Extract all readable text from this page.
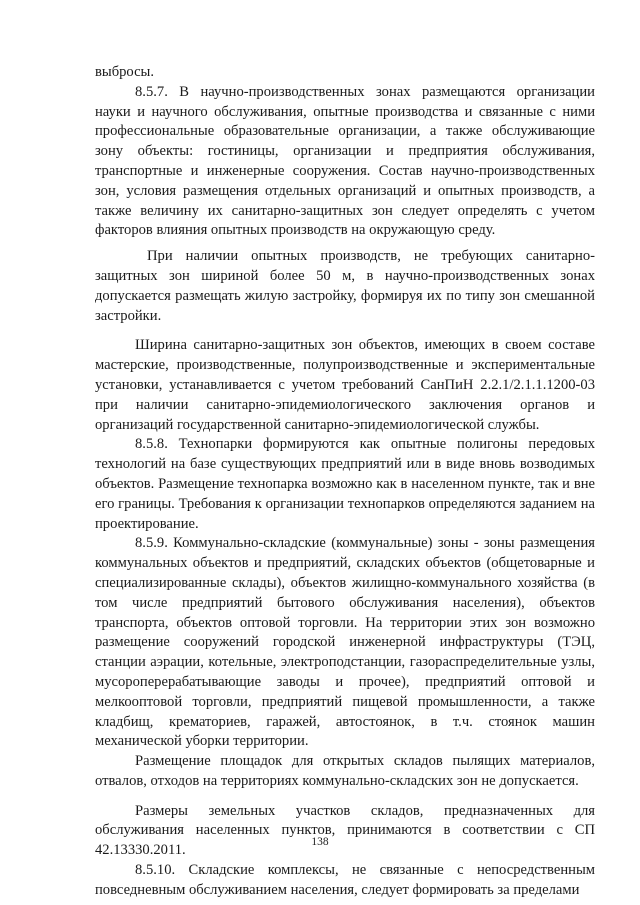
выбросы.

8.5.7. В научно-производственных зонах размещаются организации науки и научного обслуживания, опытные производства и связанные с ними профессиональные образовательные организации, а также обслуживающие зону объекты: гостиницы, организации и предприятия обслуживания, транспортные и инженерные сооружения. Состав научно-производственных зон, условия размещения отдельных организаций и опытных производств, а также величину их санитарно-защитных зон следует определять с учетом факторов влияния опытных производств на окружающую среду.

При наличии опытных производств, не требующих санитарно-защитных зон шириной более 50 м, в научно-производственных зонах допускается размещать жилую застройку, формируя их по типу зон смешанной застройки.

Ширина санитарно-защитных зон объектов, имеющих в своем составе мастерские, производственные, полупроизводственные и экспериментальные установки, устанавливается с учетом требований СанПиН 2.2.1/2.1.1.1200-03 при наличии санитарно-эпидемиологического заключения органов и организаций государственной санитарно-эпидемиологической службы.

8.5.8. Технопарки формируются как опытные полигоны передовых технологий на базе существующих предприятий или в виде вновь возводимых объектов. Размещение технопарка возможно как в населенном пункте, так и вне его границы. Требования к организации технопарков определяются заданием на проектирование.

8.5.9. Коммунально-складские (коммунальные) зоны - зоны размещения коммунальных объектов и предприятий, складских объектов (общетоварные и специализированные склады), объектов жилищно-коммунального хозяйства (в том числе предприятий бытового обслуживания населения), объектов транспорта, объектов оптовой торговли. На территории этих зон возможно размещение сооружений городской инженерной инфраструктуры (ТЭЦ, станции аэрации, котельные, электроподстанции, газораспределительные узлы, мусороперерабатывающие заводы и прочее), предприятий оптовой и мелкооптовой торговли, предприятий пищевой промышленности, а также кладбищ, крематориев, гаражей, автостоянок, в т.ч. стоянок машин механической уборки территории.

Размещение площадок для открытых складов пылящих материалов, отвалов, отходов на территориях коммунально-складских зон не допускается.

Размеры земельных участков складов, предназначенных для обслуживания населенных пунктов, принимаются в соответствии с СП 42.13330.2011.

8.5.10. Складские комплексы, не связанные с непосредственным повседневным обслуживанием населения, следует формировать за пределами

138
